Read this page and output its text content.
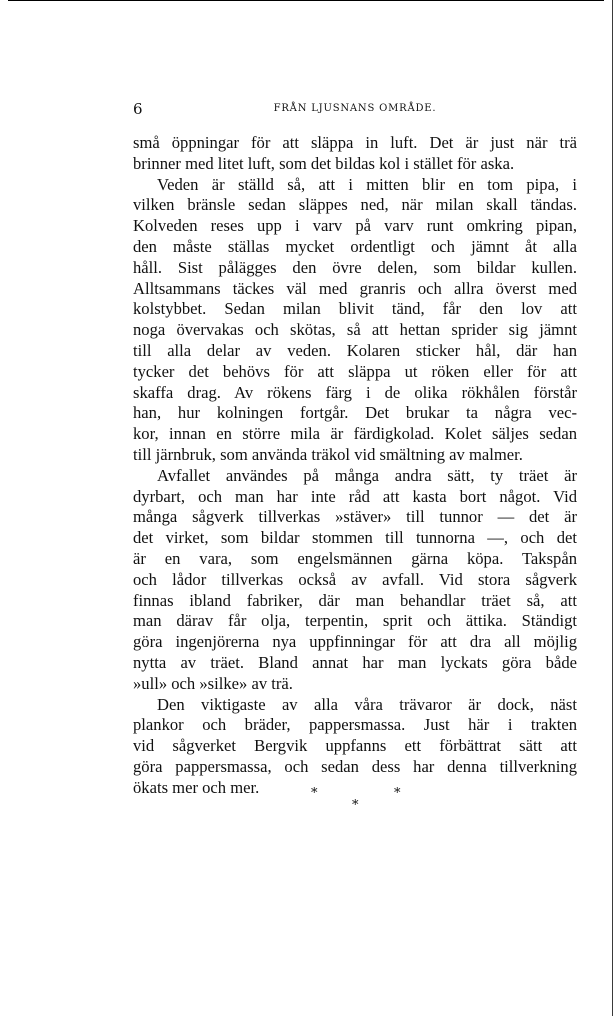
6	FRÅN LJUSNANS OMRÅDE.
små öppningar för att släppa in luft. Det är just när trä
brinner med litet luft, som det bildas kol i stället för aska.
Veden är ställd så, att i mitten blir en tom pipa, i
vilken bränsle sedan släppes ned, när milan skall tändas.
Kolveden reses upp i varv på varv runt omkring pipan,
den måste ställas mycket ordentligt och jämnt åt alla
håll. Sist pålägges den övre delen, som bildar kullen.
Alltsammans täckes väl med granris och allra överst med
kolstybbet. Sedan milan blivit tänd, får den lov att
noga övervakas och skötas, så att hettan sprider sig jämnt
till alla delar av veden. Kolaren sticker hål, där han
tycker det behövs för att släppa ut röken eller för att
skaffa drag. Av rökens färg i de olika rökhålen förstår
han, hur kolningen fortgår. Det brukar ta några vec-
kor, innan en större mila är färdigkolad. Kolet säljes sedan
till järnbruk, som använda träkol vid smältning av malmer.
Avfallet användes på många andra sätt, ty träet är
dyrbart, och man har inte råd att kasta bort något. Vid
många sågverk tillverkas »stäver» till tunnor — det är
det virket, som bildar stommen till tunnorna —, och det
är en vara, som engelsmännen gärna köpa. Takspån
och lådor tillverkas också av avfall. Vid stora sågverk
finnas ibland fabriker, där man behandlar träet så, att
man därav får olja, terpentin, sprit och ättika. Ständigt
göra ingenjörerna nya uppfinningar för att dra all möjlig
nytta av träet. Bland annat har man lyckats göra både
»ull» och »silke» av trä.
Den viktigaste av alla våra trävaror är dock, näst
plankor och bräder, pappersmassa. Just här i trakten
vid sågverket Bergvik uppfanns ett förbättrat sätt att
göra pappersmassa, och sedan dess har denna tillverkning
ökats mer och mer.	*	*
*
